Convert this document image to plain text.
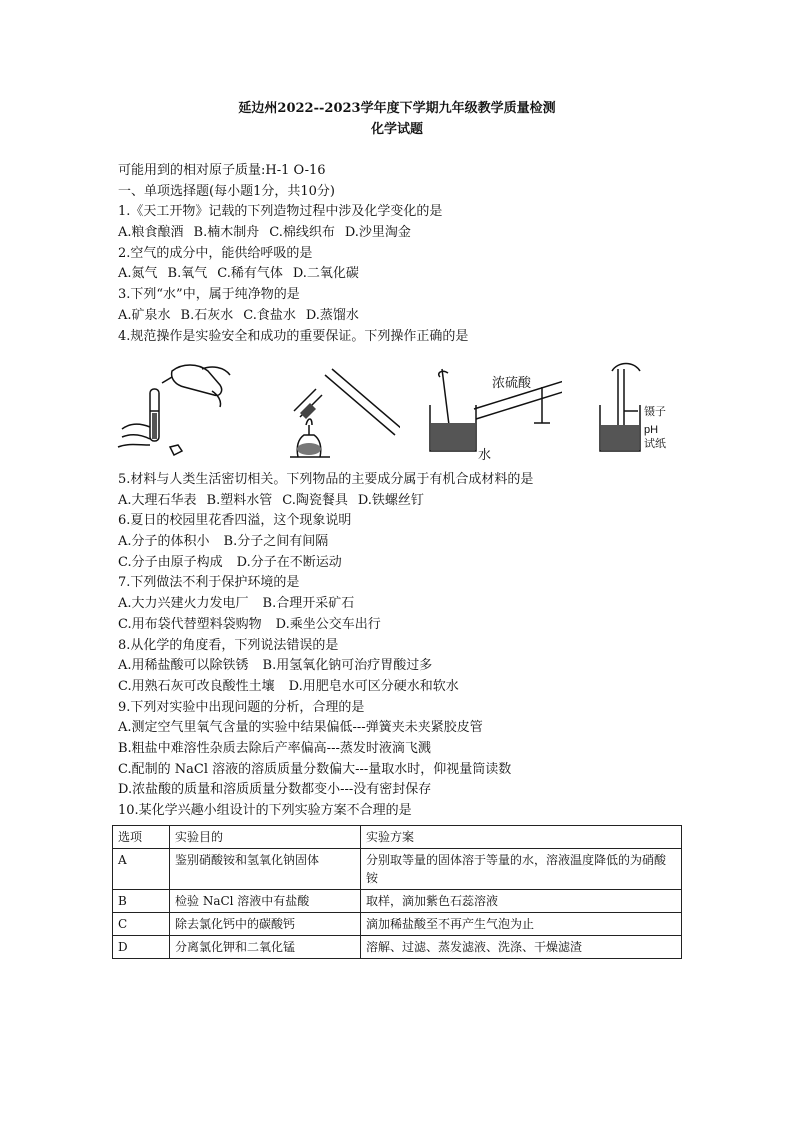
延边州2022--2023学年度下学期九年级教学质量检测
化学试题
可能用到的相对原子质量:H-1 O-16
一、单项选择题(每小题1分，共10分)
1.《天工开物》记载的下列造物过程中涉及化学变化的是
A.粮食酿酒 B.楠木制舟 C.棉线织布 D.沙里淘金
2.空气的成分中，能供给呼吸的是
A.氮气 B.氧气 C.稀有气体 D.二氧化碳
3.下列“水”中，属于纯净物的是
A.矿泉水 B.石灰水 C.食盐水 D.蒸馏水
4.规范操作是实验安全和成功的重要保证。下列操作正确的是
浓硫酸
水
镊子
pH
试纸
5.材料与人类生活密切相关。下列物品的主要成分属于有机合成材料的是
A.大理石华表 B.塑料水管 C.陶瓷餐具 D.铁螺丝钉
6.夏日的校园里花香四溢，这个现象说明
A.分子的体积小 B.分子之间有间隔
C.分子由原子构成 D.分子在不断运动
7.下列做法不利于保护环境的是
A.大力兴建火力发电厂 B.合理开采矿石
C.用布袋代替塑料袋购物 D.乘坐公交车出行
8.从化学的角度看，下列说法错误的是
A.用稀盐酸可以除铁锈 B.用氢氧化钠可治疗胃酸过多
C.用熟石灰可改良酸性土壤 D.用肥皂水可区分硬水和软水
9.下列对实验中出现问题的分析，合理的是
A.测定空气里氧气含量的实验中结果偏低---弹簧夹未夹紧胶皮管
B.粗盐中难溶性杂质去除后产率偏高---蒸发时液滴飞溅
C.配制的 NaCl 溶液的溶质质量分数偏大---量取水时，仰视量筒读数
D.浓盐酸的质量和溶质质量分数都变小---没有密封保存
10.某化学兴趣小组设计的下列实验方案不合理的是
选项	实验目的	实验方案
A	鉴别硝酸铵和氢氧化钠固体	分别取等量的固体溶于等量的水，溶液温度降低的为硝酸铵
B	检验 NaCl 溶液中有盐酸	取样，滴加紫色石蕊溶液
C	除去氯化钙中的碳酸钙	滴加稀盐酸至不再产生气泡为止
D	分离氯化钾和二氧化锰	溶解、过滤、蒸发滤液、洗涤、干燥滤渣
